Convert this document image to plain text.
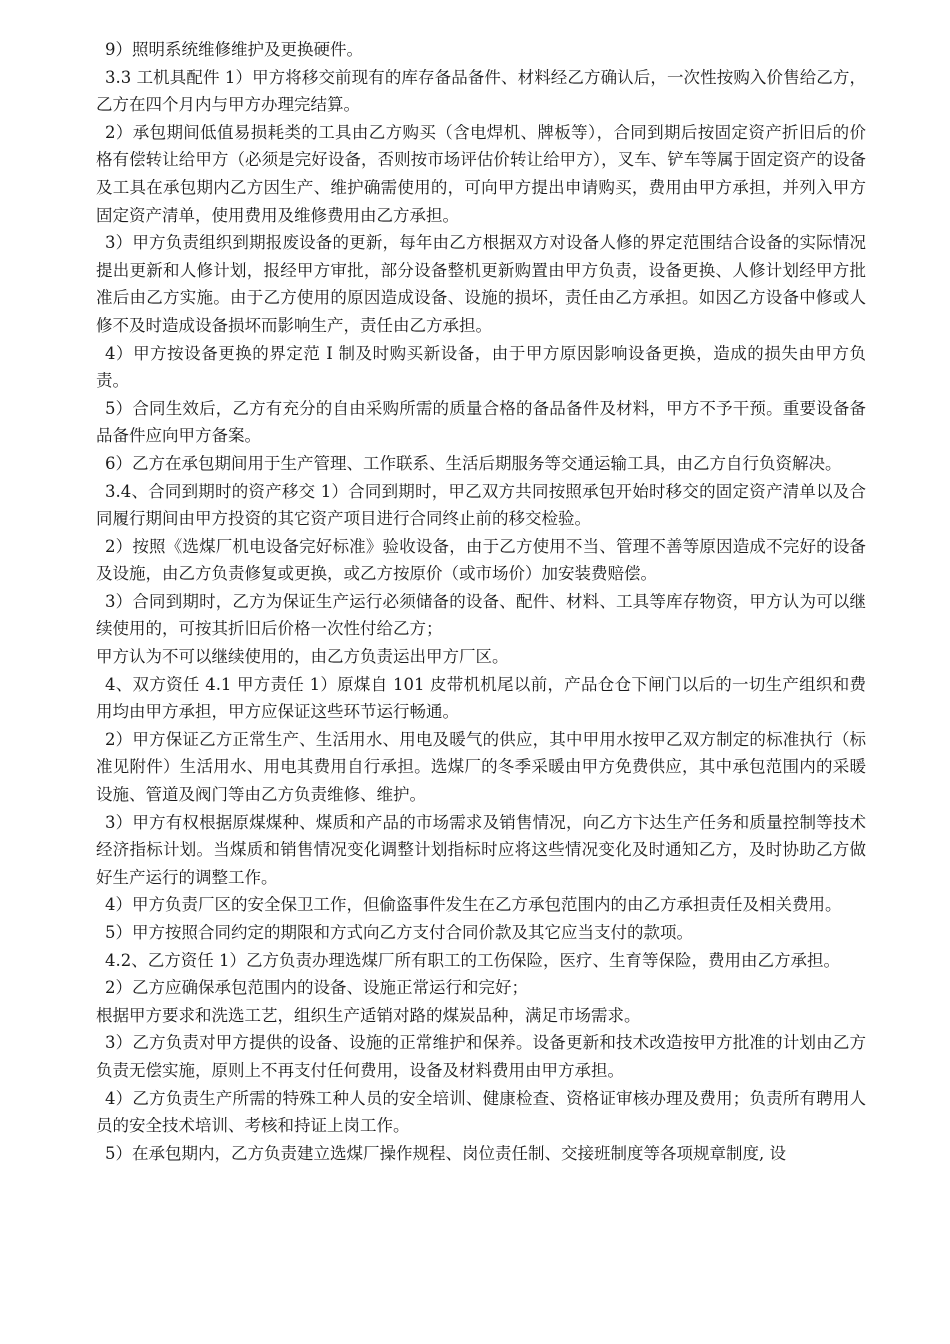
9）照明系统维修维护及更换硬件。

3.3 工机具配件 1）甲方将移交前现有的库存备品备件、材料经乙方确认后，一次性按购入价售给乙方，乙方在四个月内与甲方办理完结算。

2）承包期间低值易损耗类的工具由乙方购买（含电焊机、牌板等），合同到期后按固定资产折旧后的价格有偿转让给甲方（必须是完好设备，否则按市场评估价转让给甲方），叉车、铲车等属于固定资产的设备及工具在承包期内乙方因生产、维护确需使用的，可向甲方提出申请购买，费用由甲方承担，并列入甲方固定资产清单，使用费用及维修费用由乙方承担。

3）甲方负责组织到期报废设备的更新，每年由乙方根据双方对设备人修的界定范围结合设备的实际情况提出更新和人修计划，报经甲方审批，部分设备整机更新购置由甲方负责，设备更换、人修计划经甲方批准后由乙方实施。由于乙方使用的原因造成设备、设施的损坏，责任由乙方承担。如因乙方设备中修或人修不及时造成设备损坏而影响生产，责任由乙方承担。

4）甲方按设备更换的界定范 I 制及时购买新设备，由于甲方原因影响设备更换，造成的损失由甲方负责。

5）合同生效后，乙方有充分的自由采购所需的质量合格的备品备件及材料，甲方不予干预。重要设备备品备件应向甲方备案。

6）乙方在承包期间用于生产管理、工作联系、生活后期服务等交通运输工具，由乙方自行负资解决。

3.4、合同到期时的资产移交 1）合同到期时，甲乙双方共同按照承包开始时移交的固定资产清单以及合同履行期间由甲方投资的其它资产项目进行合同终止前的移交检验。

2）按照《选煤厂机电设备完好标准》验收设备，由于乙方使用不当、管理不善等原因造成不完好的设备及设施，由乙方负责修复或更换，或乙方按原价（或市场价）加安装费赔偿。

3）合同到期时，乙方为保证生产运行必须储备的设备、配件、材料、工具等库存物资，甲方认为可以继续使用的，可按其折旧后价格一次性付给乙方；

甲方认为不可以继续使用的，由乙方负责运出甲方厂区。

4、双方资任 4.1 甲方责任 1）原煤自 101 皮带机机尾以前，产品仓仓下闸门以后的一切生产组织和费用均由甲方承担，甲方应保证这些环节运行畅通。

2）甲方保证乙方正常生产、生活用水、用电及暖气的供应，其中甲用水按甲乙双方制定的标准执行（标准见附件）生活用水、用电其费用自行承担。选煤厂的冬季采暖由甲方免费供应，其中承包范围内的采暖设施、管道及阀门等由乙方负责维修、维护。

3）甲方有权根据原煤煤种、煤质和产品的市场需求及销售情况，向乙方卞达生产任务和质量控制等技术经济指标计划。当煤质和销售情况变化调整计划指标时应将这些情况变化及时通知乙方，及时协助乙方做好生产运行的调整工作。

4）甲方负责厂区的安全保卫工作，但偷盗事件发生在乙方承包范围内的由乙方承担责任及相关费用。

5）甲方按照合同约定的期限和方式向乙方支付合同价款及其它应当支付的款项。

4.2、乙方资任 1）乙方负责办理选煤厂所有职工的工伤保险，医疗、生育等保险，费用由乙方承担。

2）乙方应确保承包范围内的设备、设施正常运行和完好；

根据甲方要求和洗选工艺，组织生产适销对路的煤炭品种，满足市场需求。

3）乙方负责对甲方提供的设备、设施的正常维护和保养。设备更新和技术改造按甲方批准的计划由乙方负责无偿实施，原则上不再支付任何费用，设备及材料费用由甲方承担。

4）乙方负责生产所需的特殊工种人员的安全培训、健康检查、资格证审核办理及费用；负责所有聘用人员的安全技术培训、考核和持证上岗工作。

5）在承包期内，乙方负责建立选煤厂操作规程、岗位责任制、交接班制度等各项规章制度, 设
